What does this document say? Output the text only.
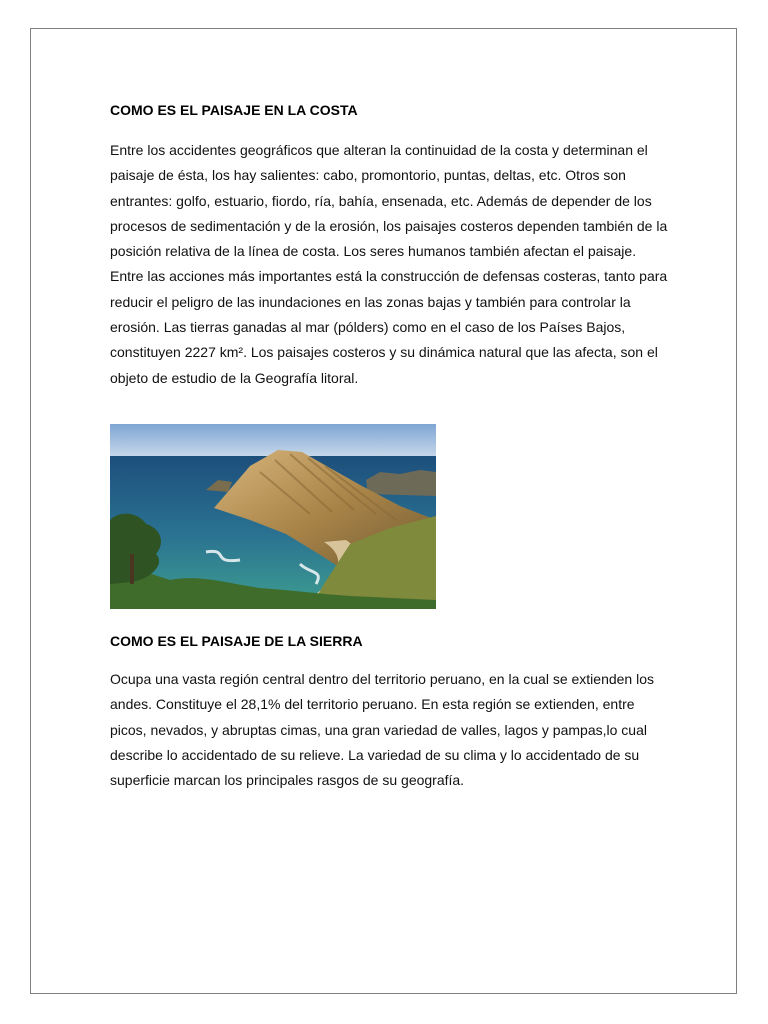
COMO ES EL PAISAJE EN LA COSTA

Entre los accidentes geográficos que alteran la continuidad de la costa y determinan el paisaje de ésta, los hay salientes: cabo, promontorio, puntas, deltas, etc. Otros son entrantes: golfo, estuario, fiordo, ría, bahía, ensenada, etc. Además de depender de los procesos de sedimentación y de la erosión, los paisajes costeros dependen también de la posición relativa de la línea de costa. Los seres humanos también afectan el paisaje. Entre las acciones más importantes está la construcción de defensas costeras, tanto para reducir el peligro de las inundaciones en las zonas bajas y también para controlar la erosión. Las tierras ganadas al mar (pólders) como en el caso de los Países Bajos, constituyen 2227 km². Los paisajes costeros y su dinámica natural que las afecta, son el objeto de estudio de la Geografía litoral.

COMO ES EL PAISAJE DE LA SIERRA

Ocupa una vasta región central dentro del territorio peruano, en la cual se extienden los andes. Constituye el 28,1% del territorio peruano. En esta región se extienden, entre picos, nevados, y abruptas cimas, una gran variedad de valles, lagos y pampas,lo cual describe lo accidentado de su relieve. La variedad de su clima y lo accidentado de su superficie marcan los principales rasgos de su geografía.
